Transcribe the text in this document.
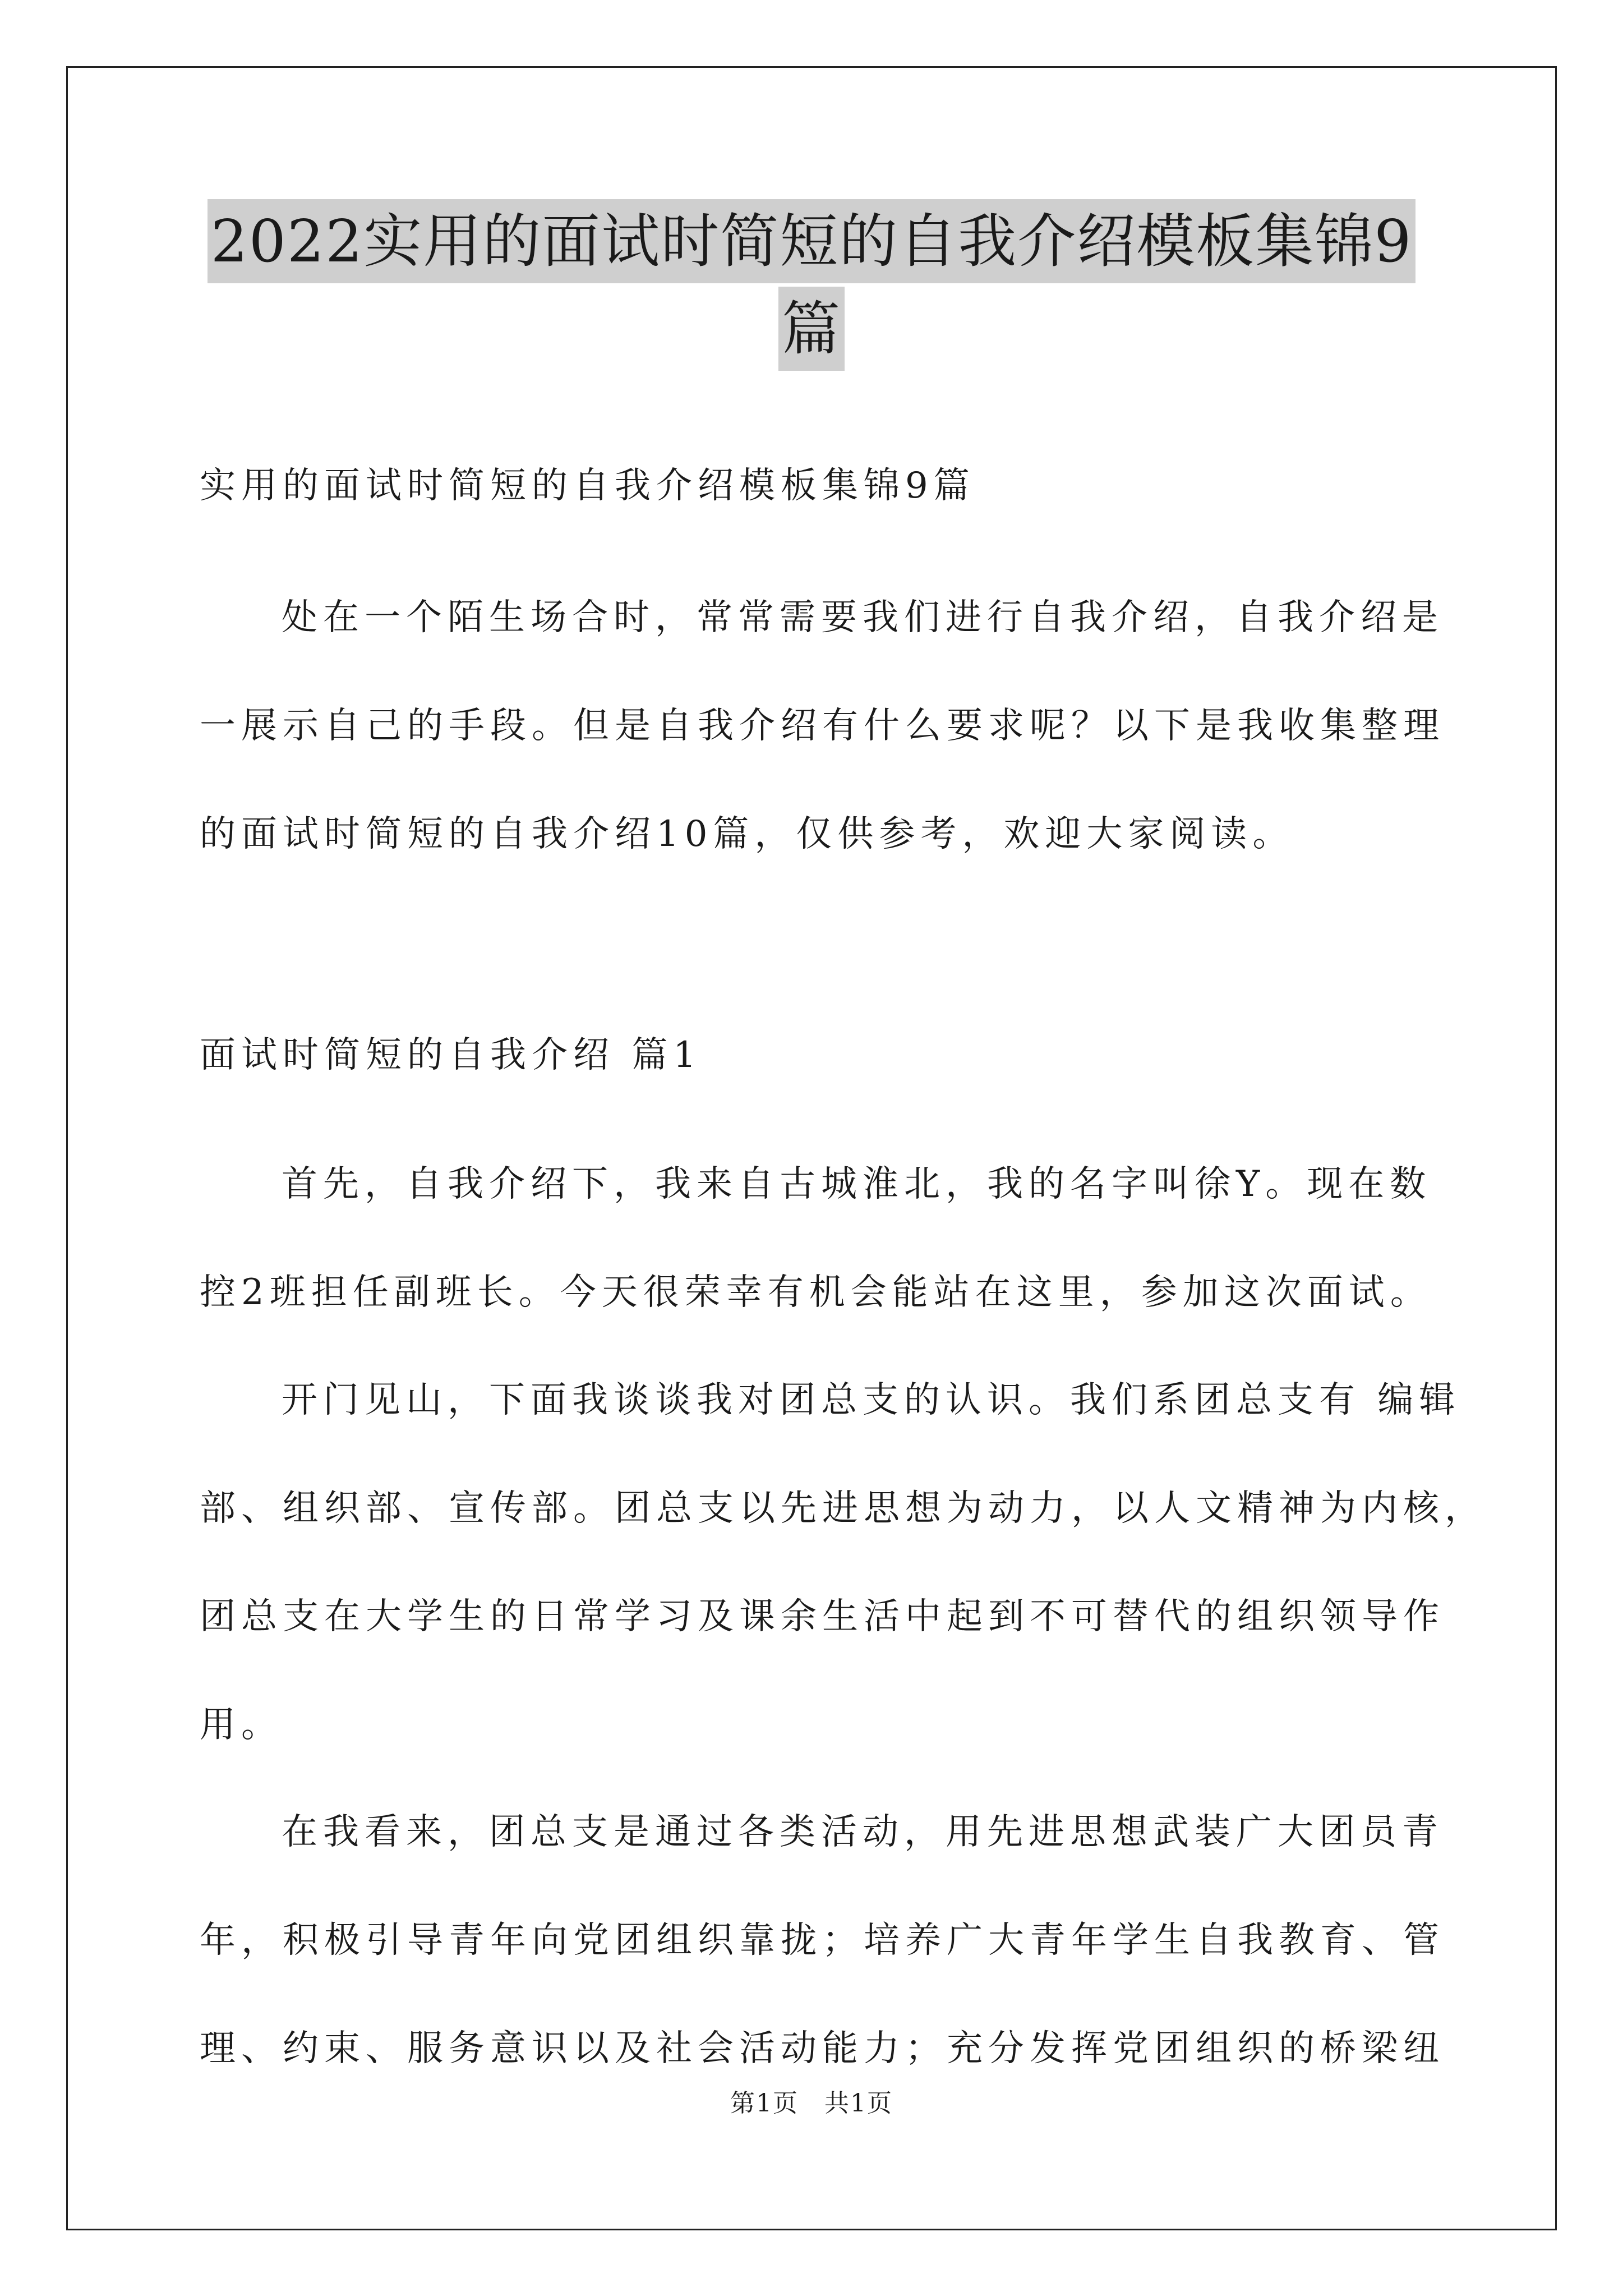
2022实用的面试时简短的自我介绍模板集锦9
篇

实用的面试时简短的自我介绍模板集锦9篇

处在一个陌生场合时，常常需要我们进行自我介绍，自我介绍是

一展示自己的手段。但是自我介绍有什么要求呢？以下是我收集整理

的面试时简短的自我介绍10篇，仅供参考，欢迎大家阅读。

面试时简短的自我介绍 篇1

首先，自我介绍下，我来自古城淮北，我的名字叫徐Y。现在数

控2班担任副班长。今天很荣幸有机会能站在这里，参加这次面试。

开门见山，下面我谈谈我对团总支的认识。我们系团总支有 编辑

部、组织部、宣传部。团总支以先进思想为动力，以人文精神为内核，

团总支在大学生的日常学习及课余生活中起到不可替代的组织领导作

用。

在我看来，团总支是通过各类活动，用先进思想武装广大团员青

年，积极引导青年向党团组织靠拢；培养广大青年学生自我教育、管

理、约束、服务意识以及社会活动能力；充分发挥党团组织的桥梁纽

第1页 共1页
